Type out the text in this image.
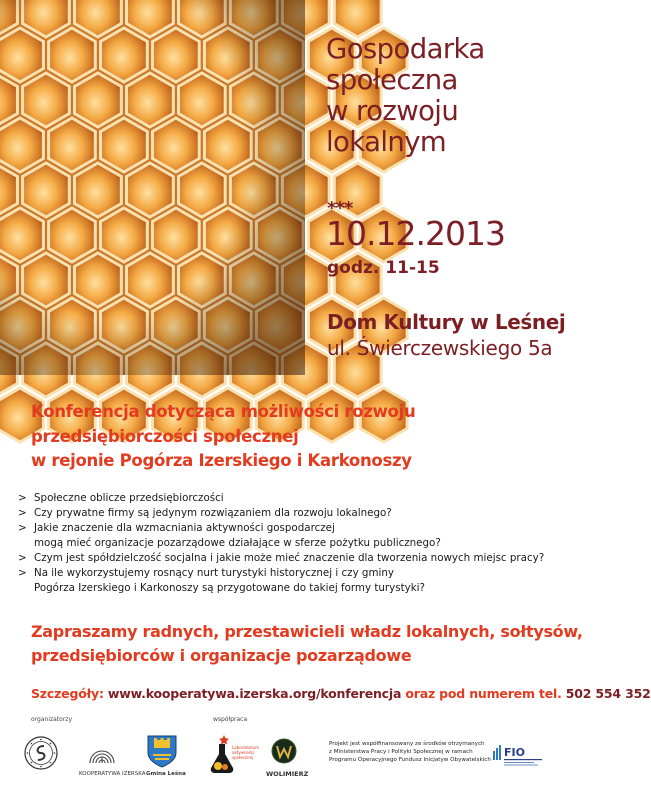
Gospodarka
społeczna
w rozwoju
lokalnym
***
10.12.2013
godz. 11-15
Dom Kultury w Leśnej
ul. Świerczewskiego 5a
Konferencja dotycząca możliwości rozwoju
przedsiębiorczości społecznej
w rejonie Pogórza Izerskiego i Karkonoszy
> Społeczne oblicze przedsiębiorczości
> Czy prywatne firmy są jedynym rozwiązaniem dla rozwoju lokalnego?
> Jakie znaczenie dla wzmacniania aktywności gospodarczej
mogą mieć organizacje pozarządowe działające w sferze pożytku publicznego?
> Czym jest spółdzielczość socjalna i jakie może mieć znaczenie dla tworzenia nowych miejsc pracy?
> Na ile wykorzystujemy rosnący nurt turystyki historycznej i czy gminy
Pogórza Izerskiego i Karkonoszy są przygotowane do takiej formy turystyki?
Zapraszamy radnych, przestawicieli władz lokalnych, sołtysów,
przedsiębiorców i organizacje pozarządowe
Szczegóły: www.kooperatywa.izerska.org/konferencja oraz pod numerem tel. 502 554 352
organizatorzy	współpraca
KOOPERATYWA IZERSKA Gmina Leśna
Laboratorium
aktywności
społecznej
WOLIMIERZ
Projekt jest współfinansowany ze środków otrzymanych
z Ministerstwa Pracy i Polityki Społecznej w ramach
Programu Operacyjnego Fundusz Inicjatyw Obywatelskich
FIO
